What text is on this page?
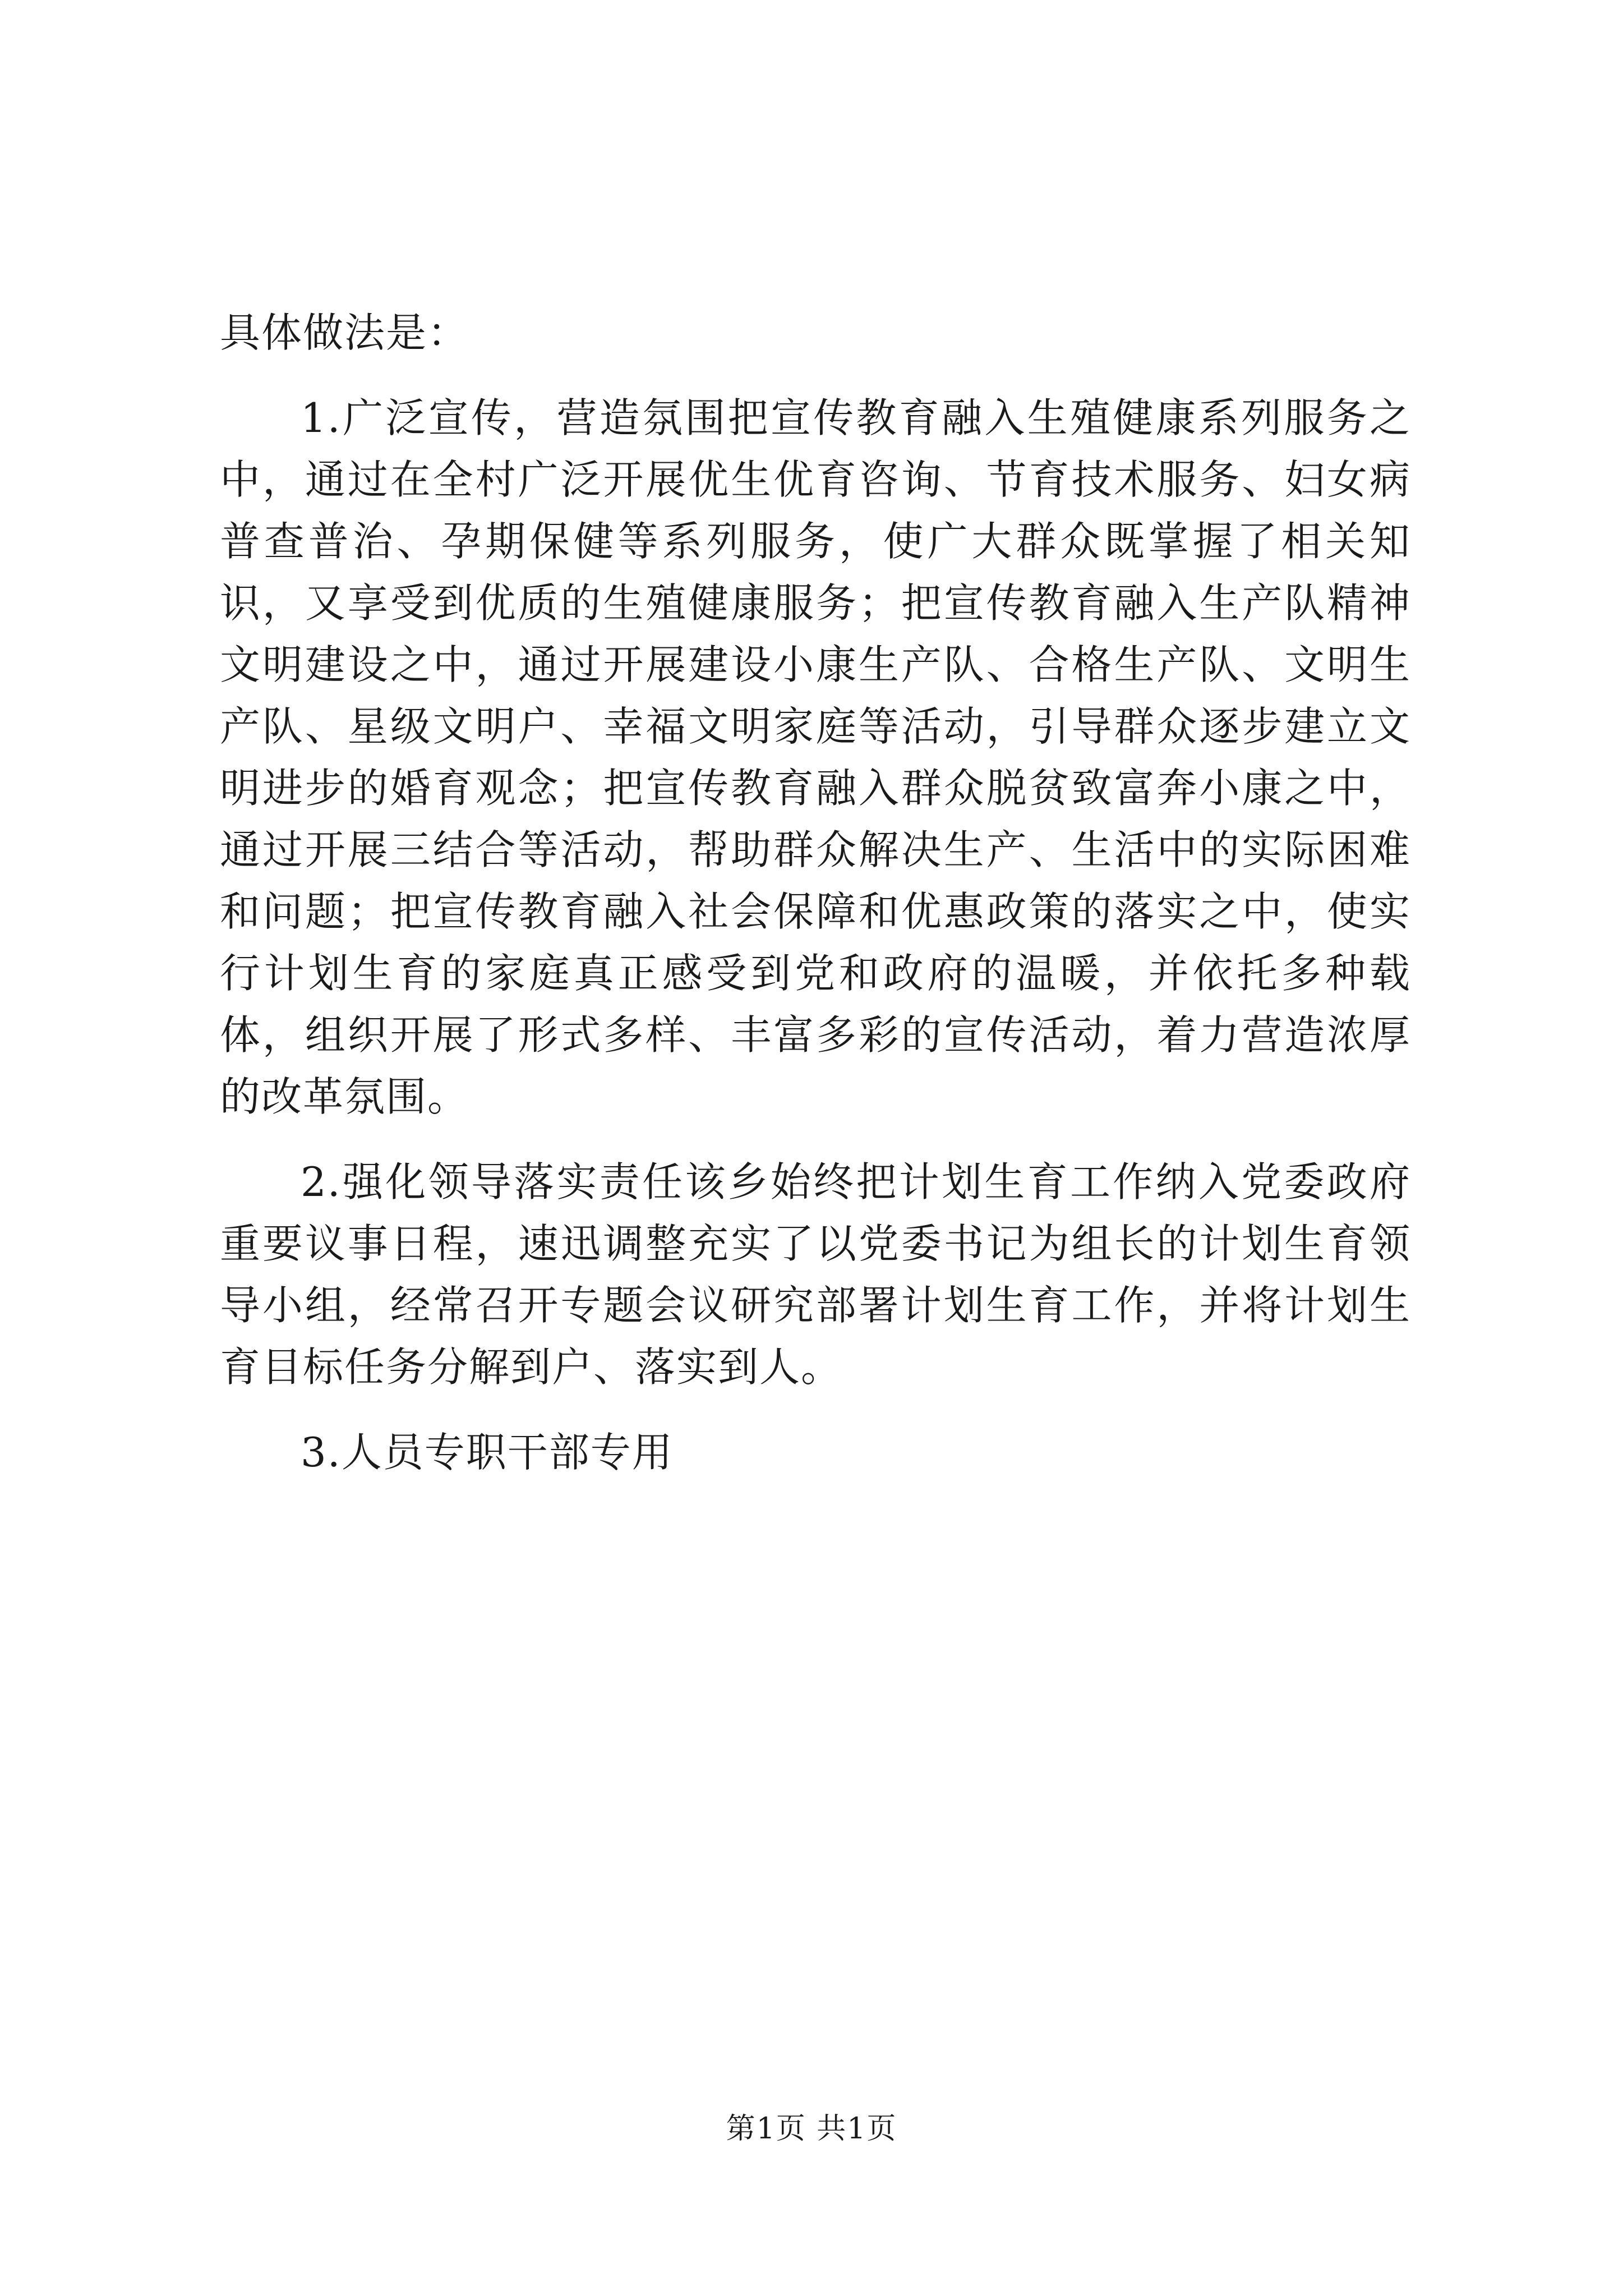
具体做法是：

1.广泛宣传，营造氛围把宣传教育融入生殖健康系列服务之中，通过在全村广泛开展优生优育咨询、节育技术服务、妇女病普查普治、孕期保健等系列服务，使广大群众既掌握了相关知识，又享受到优质的生殖健康服务；把宣传教育融入生产队精神文明建设之中，通过开展建设小康生产队、合格生产队、文明生产队、星级文明户、幸福文明家庭等活动，引导群众逐步建立文明进步的婚育观念；把宣传教育融入群众脱贫致富奔小康之中，通过开展三结合等活动，帮助群众解决生产、生活中的实际困难和问题；把宣传教育融入社会保障和优惠政策的落实之中，使实行计划生育的家庭真正感受到党和政府的温暖，并依托多种载体，组织开展了形式多样、丰富多彩的宣传活动，着力营造浓厚的改革氛围。

2.强化领导落实责任该乡始终把计划生育工作纳入党委政府重要议事日程，速迅调整充实了以党委书记为组长的计划生育领导小组，经常召开专题会议研究部署计划生育工作，并将计划生育目标任务分解到户、落实到人。

3.人员专职干部专用

第1页 共1页
